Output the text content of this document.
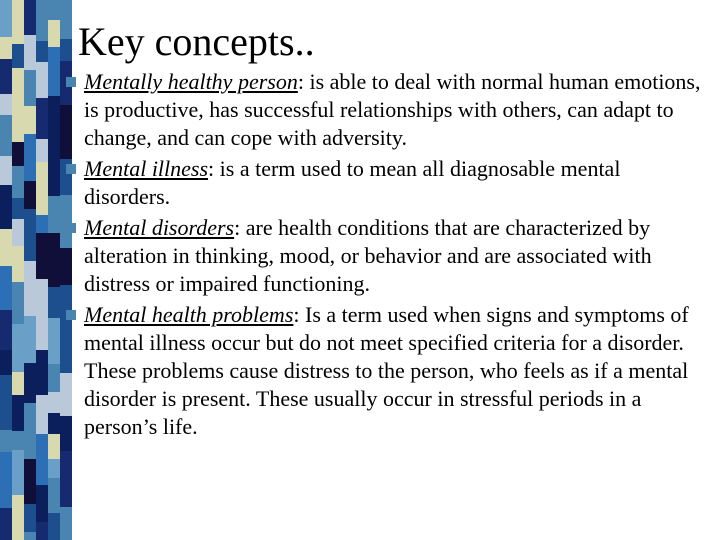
Key concepts..
Mentally healthy person: is able to deal with normal human emotions, is productive, has successful relationships with others, can adapt to change, and can cope with adversity.
Mental illness: is a term used to mean all diagnosable mental disorders.
Mental disorders: are health conditions that are characterized by alteration in thinking, mood, or behavior and are associated with distress or impaired functioning.
Mental health problems: Is a term used when signs and symptoms of mental illness occur but do not meet specified criteria for a disorder. These problems cause distress to the person, who feels as if a mental disorder is present. These usually occur in stressful periods in a person’s life.
